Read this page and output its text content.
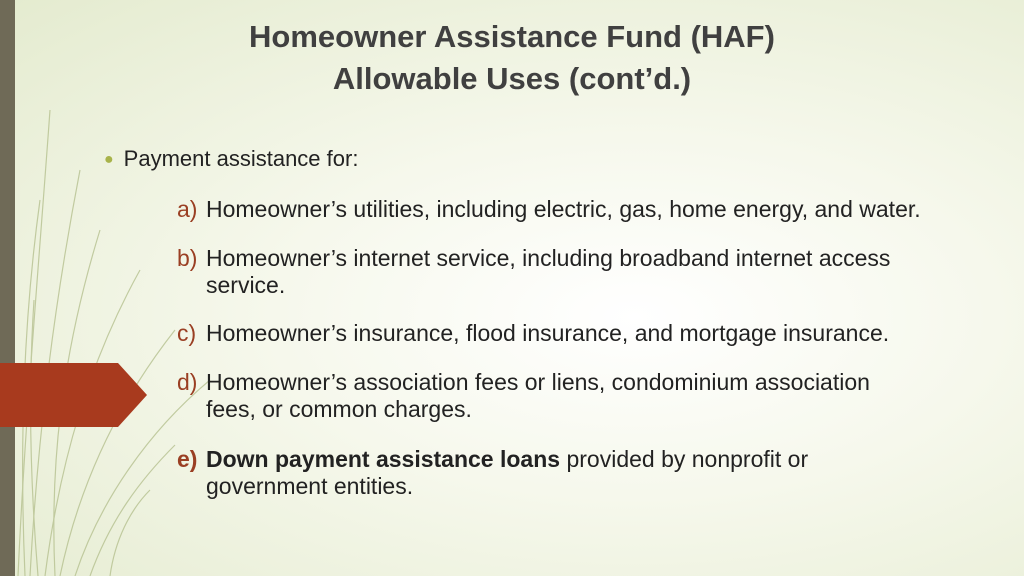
Homeowner Assistance Fund (HAF)
Allowable Uses (cont’d.)
● Payment assistance for:
a) Homeowner’s utilities, including electric, gas, home energy, and water.
b) Homeowner’s internet service, including broadband internet access
service.
c) Homeowner’s insurance, flood insurance, and mortgage insurance.
d) Homeowner’s association fees or liens, condominium association
fees, or common charges.
e) Down payment assistance loans provided by nonprofit or
government entities.
